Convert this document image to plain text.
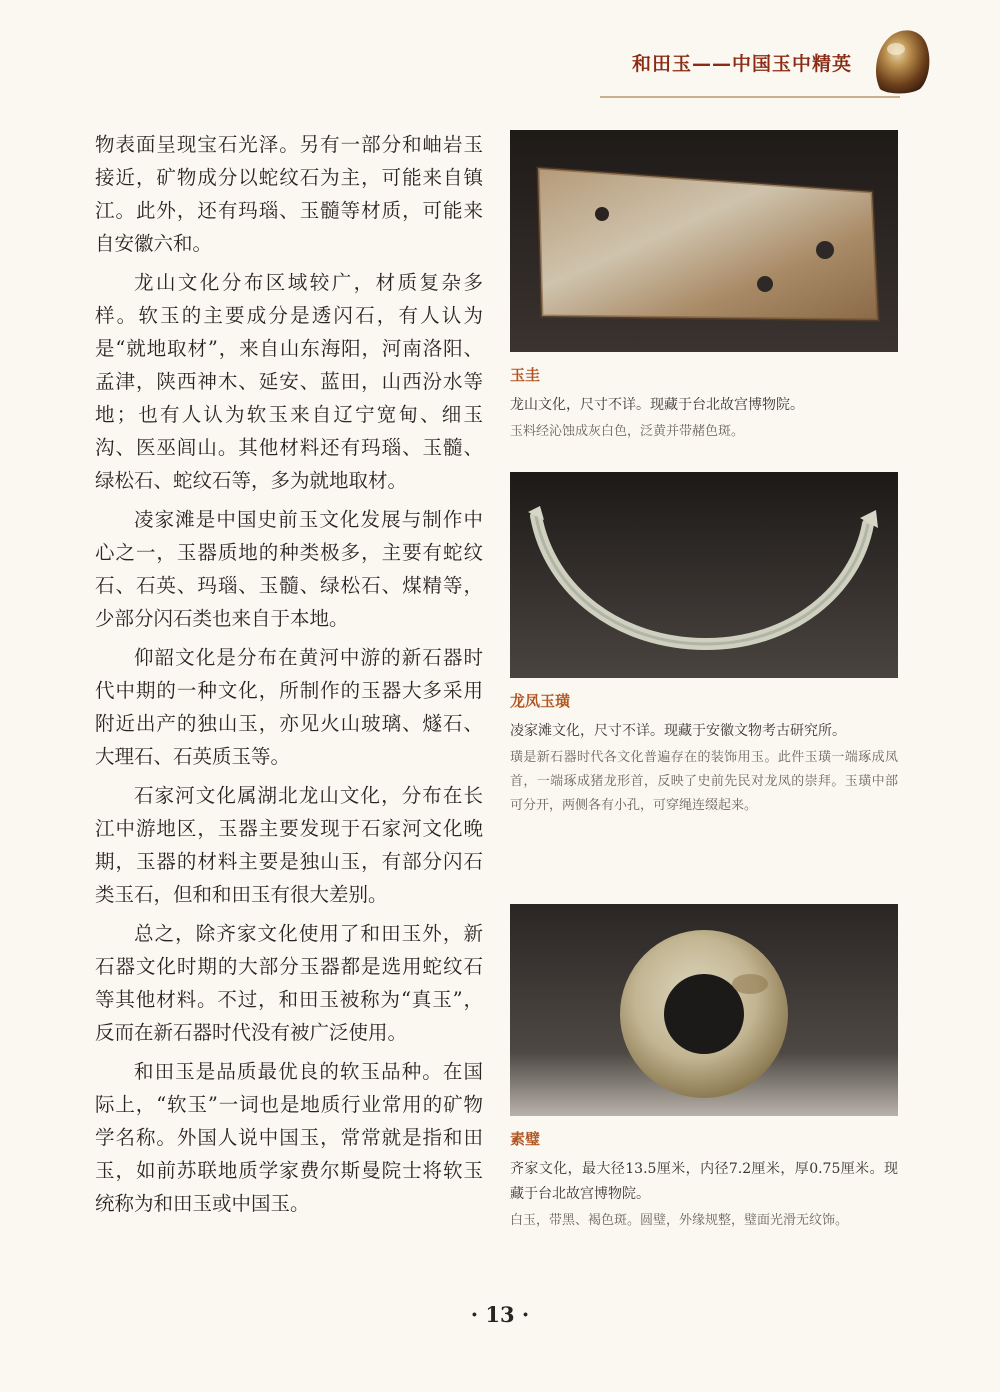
和田玉——中国玉中精英

物表面呈现宝石光泽。另有一部分和岫岩玉接近，矿物成分以蛇纹石为主，可能来自镇江。此外，还有玛瑙、玉髓等材质，可能来自安徽六和。

龙山文化分布区域较广，材质复杂多样。软玉的主要成分是透闪石，有人认为是“就地取材”，来自山东海阳，河南洛阳、孟津，陕西神木、延安、蓝田，山西汾水等地；也有人认为软玉来自辽宁宽甸、细玉沟、医巫闾山。其他材料还有玛瑙、玉髓、绿松石、蛇纹石等，多为就地取材。

凌家滩是中国史前玉文化发展与制作中心之一，玉器质地的种类极多，主要有蛇纹石、石英、玛瑙、玉髓、绿松石、煤精等，少部分闪石类也来自于本地。

仰韶文化是分布在黄河中游的新石器时代中期的一种文化，所制作的玉器大多采用附近出产的独山玉，亦见火山玻璃、燧石、大理石、石英质玉等。

石家河文化属湖北龙山文化，分布在长江中游地区，玉器主要发现于石家河文化晚期，玉器的材料主要是独山玉，有部分闪石类玉石，但和和田玉有很大差别。

总之，除齐家文化使用了和田玉外，新石器文化时期的大部分玉器都是选用蛇纹石等其他材料。不过，和田玉被称为“真玉”，反而在新石器时代没有被广泛使用。

和田玉是品质最优良的软玉品种。在国际上，“软玉”一词也是地质行业常用的矿物学名称。外国人说中国玉，常常就是指和田玉，如前苏联地质学家费尔斯曼院士将软玉统称为和田玉或中国玉。

玉圭
龙山文化，尺寸不详。现藏于台北故宫博物院。
玉料经沁蚀成灰白色，泛黄并带赭色斑。
龙凤玉璜
凌家滩文化，尺寸不详。现藏于安徽文物考古研究所。
璜是新石器时代各文化普遍存在的装饰用玉。此件玉璜一端琢成凤首，一端琢成猪龙形首，反映了史前先民对龙凤的崇拜。玉璜中部可分开，两侧各有小孔，可穿绳连缀起来。
素璧
齐家文化，最大径13.5厘米，内径7.2厘米，厚0.75厘米。现藏于台北故宫博物院。
白玉，带黑、褐色斑。圆璧，外缘规整，璧面光滑无纹饰。
· 13 ·
